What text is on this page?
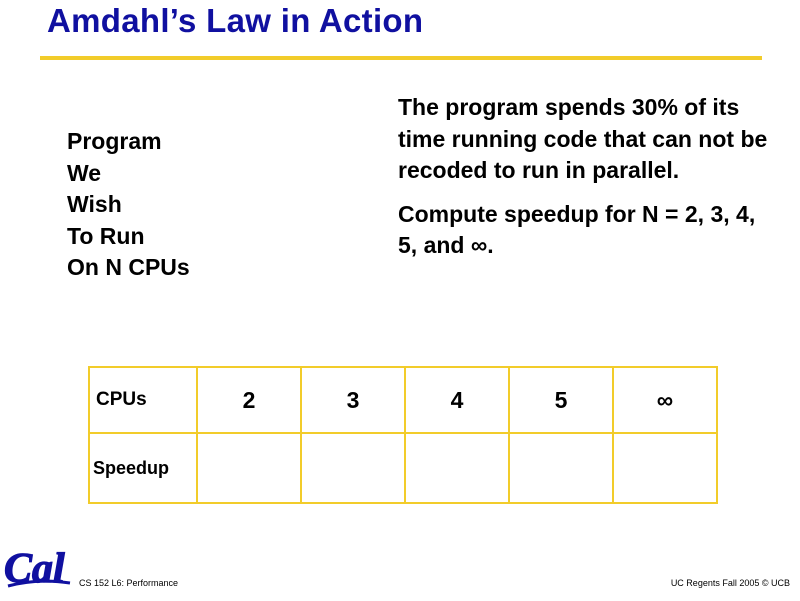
Amdahl’s Law in Action
Program
We
Wish
To Run
On N CPUs

The program spends 30% of its time running code that can not be recoded to run in parallel.

Compute speedup for N = 2, 3, 4, 5, and ∞.

CPUs	2	3	4	5	∞
Speedup					
Cal CS 152 L6: Performance	UC Regents Fall 2005 © UCB
